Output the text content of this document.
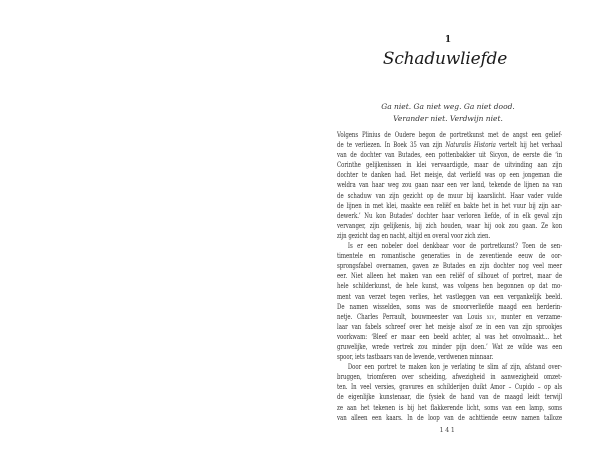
1
Schaduwliefde
Ga niet. Ga niet weg. Ga niet dood.
Verander niet. Verdwijn niet.
Volgens Plinius de Oudere begon de portretkunst met de angst een gelief-
de te verliezen. In Boek 35 van zijn Naturalis Historia vertelt hij het verhaal
van de dochter van Butades, een pottenbakker uit Sicyon, de eerste die ‘in
Corinthe gelijkenissen in klei vervaardigde, maar de uitvinding aan zijn
dochter te danken had. Het meisje, dat verliefd was op een jongeman die
weldra van haar weg zou gaan naar een ver land, tekende de lijnen na van
de schaduw van zijn gezicht op de muur bij kaarslicht. Haar vader vulde
de lijnen in met klei, maakte een reliëf en bakte het in het vuur bij zijn aar-
dewerk.’ Nu kon Butades’ dochter haar verloren liefde, of in elk geval zijn
vervanger, zijn gelijkenis, bij zich houden, waar hij ook zou gaan. Ze kon
zijn gezicht dag en nacht, altijd en overal voor zich zien.
Is er een nobeler doel denkbaar voor de portretkunst? Toen de sen-
timentele en romantische generaties in de zeventiende eeuw de oor-
sprongsfabel overnamen, gaven ze Butades en zijn dochter nog veel meer
eer. Niet alleen het maken van een reliëf of silhouet of portret, maar de
hele schilderkunst, de hele kunst, was volgens hen begonnen op dat mo-
ment van verzet tegen verlies, het vastleggen van een vergankelijk beeld.
De namen wisselden, soms was de smoorverliefde maagd een herderin-
netje. Charles Perrault, bouwmeester van Louis xiv, munter en verzame-
laar van fabels schreef over het meisje alsof ze in een van zijn sprookjes
voorkwam: ‘Bleef er maar een beeld achter, al was het onvolmaakt... het
gruwelijke, wrede vertrek zou minder pijn doen.’ Wat ze wilde was een
spoor, iets tastbaars van de levende, verdwenen minnaar.
Door een portret te maken kon je verlating te slim af zijn, afstand over-
bruggen, triomferen over scheiding, afwezigheid in aanwezigheid omzet-
ten. In veel versies, gravures en schilderijen duikt Amor – Cupido – op als
de eigenlijke kunstenaar, die fysiek de hand van de maagd leidt terwijl
ze aan het tekenen is bij het flakkerende licht, soms van een lamp, soms
van alleen een kaars. In de loop van de achttiende eeuw namen talloze
141
